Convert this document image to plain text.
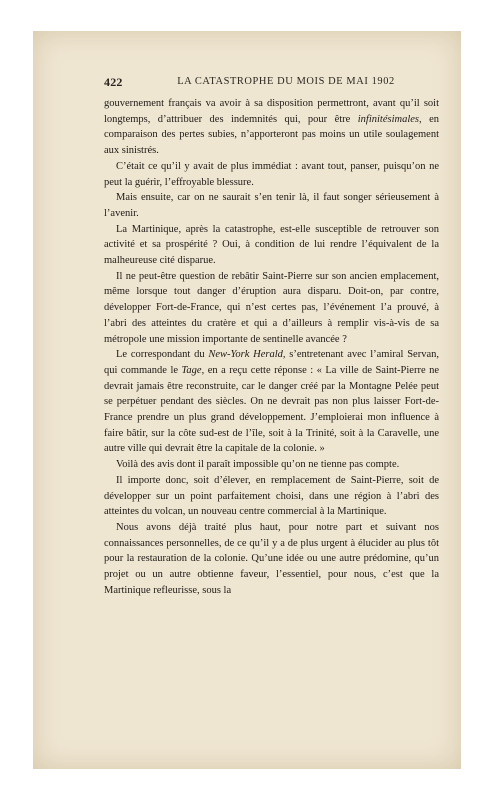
422	LA CATASTROPHE DU MOIS DE MAI 1902

gouvernement français va avoir à sa disposition permettront, avant qu’il soit longtemps, d’attribuer des indemnités qui, pour être infinitésimales, en comparaison des pertes subies, n’apporteront pas moins un utile soulagement aux sinistrés.

C’était ce qu’il y avait de plus immédiat : avant tout, panser, puisqu’on ne peut la guérir, l’effroyable blessure.

Mais ensuite, car on ne saurait s’en tenir là, il faut songer sérieusement à l’avenir.

La Martinique, après la catastrophe, est-elle susceptible de retrouver son activité et sa prospérité ? Oui, à condition de lui rendre l’équivalent de la malheureuse cité disparue.

Il ne peut-être question de rebâtir Saint-Pierre sur son ancien emplacement, même lorsque tout danger d’éruption aura disparu. Doit-on, par contre, développer Fort-de-France, qui n’est certes pas, l’événement l’a prouvé, à l’abri des atteintes du cratère et qui a d’ailleurs à remplir vis-à-vis de sa métropole une mission importante de sentinelle avancée ?

Le correspondant du New-York Herald, s’entretenant avec l’amiral Servan, qui commande le Tage, en a reçu cette réponse : « La ville de Saint-Pierre ne devrait jamais être reconstruite, car le danger créé par la Montagne Pelée peut se perpétuer pendant des siècles. On ne devrait pas non plus laisser Fort-de-France prendre un plus grand développement. J’emploierai mon influence à faire bâtir, sur la côte sud-est de l’île, soit à la Trinité, soit à la Caravelle, une autre ville qui devrait être la capitale de la colonie. »

Voilà des avis dont il paraît impossible qu’on ne tienne pas compte.

Il importe donc, soit d’élever, en remplacement de Saint-Pierre, soit de développer sur un point parfaitement choisi, dans une région à l’abri des atteintes du volcan, un nouveau centre commercial à la Martinique.

Nous avons déjà traité plus haut, pour notre part et suivant nos connaissances personnelles, de ce qu’il y a de plus urgent à élucider au plus tôt pour la restauration de la colonie. Qu’une idée ou une autre prédomine, qu’un projet ou un autre obtienne faveur, l’essentiel, pour nous, c’est que la Martinique refleurisse, sous la
